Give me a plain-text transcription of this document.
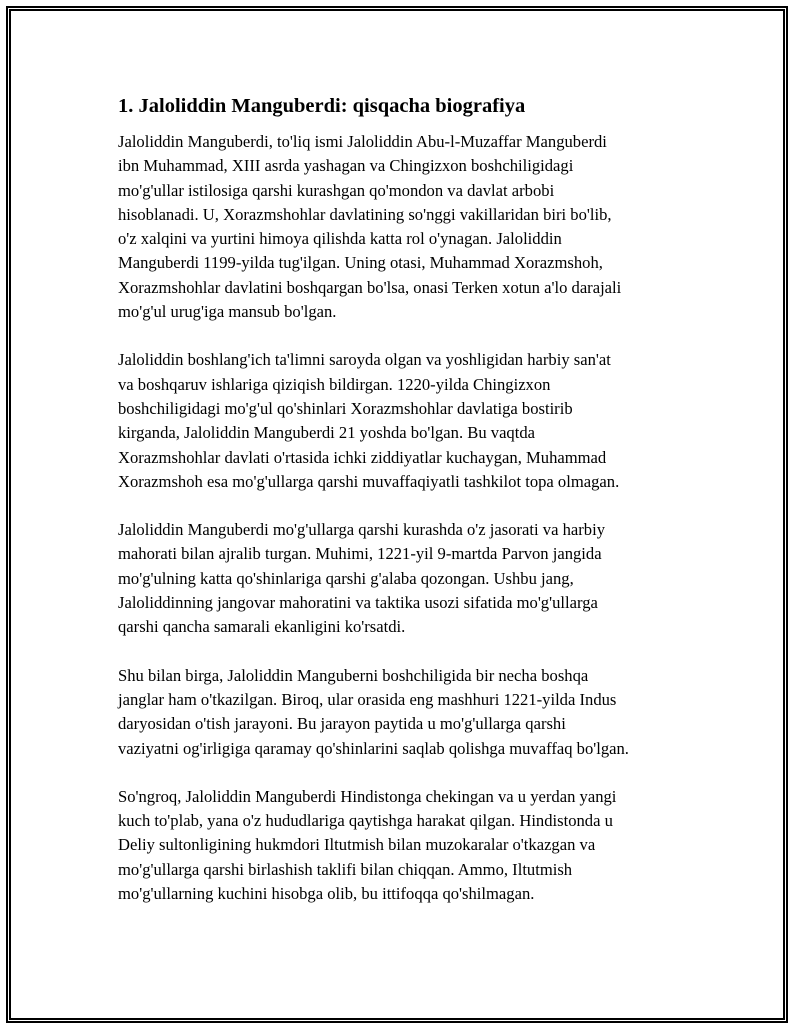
1. Jaloliddin Manguberdi: qisqacha biografiya
Jaloliddin Manguberdi, to'liq ismi Jaloliddin Abu-l-Muzaffar Manguberdi
ibn Muhammad, XIII asrda yashagan va Chingizxon boshchiligidagi
mo'g'ullar istilosiga qarshi kurashgan qo'mondon va davlat arbobi
hisoblanadi. U, Xorazmshohlar davlatining so'nggi vakillaridan biri bo'lib,
o'z xalqini va yurtini himoya qilishda katta rol o'ynagan. Jaloliddin
Manguberdi 1199-yilda tug'ilgan. Uning otasi, Muhammad Xorazmshoh,
Xorazmshohlar davlatini boshqargan bo'lsa, onasi Terken xotun a'lo darajali
mo'g'ul urug'iga mansub bo'lgan.
Jaloliddin boshlang'ich ta'limni saroyda olgan va yoshligidan harbiy san'at
va boshqaruv ishlariga qiziqish bildirgan. 1220-yilda Chingizxon
boshchiligidagi mo'g'ul qo'shinlari Xorazmshohlar davlatiga bostirib
kirganda, Jaloliddin Manguberdi 21 yoshda bo'lgan. Bu vaqtda
Xorazmshohlar davlati o'rtasida ichki ziddiyatlar kuchaygan, Muhammad
Xorazmshoh esa mo'g'ullarga qarshi muvaffaqiyatli tashkilot topa olmagan.
Jaloliddin Manguberdi mo'g'ullarga qarshi kurashda o'z jasorati va harbiy
mahorati bilan ajralib turgan. Muhimi, 1221-yil 9-martda Parvon jangida
mo'g'ulning katta qo'shinlariga qarshi g'alaba qozongan. Ushbu jang,
Jaloliddinning jangovar mahoratini va taktika usozi sifatida mo'g'ullarga
qarshi qancha samarali ekanligini ko'rsatdi.
Shu bilan birga, Jaloliddin Manguberni boshchiligida bir necha boshqa
janglar ham o'tkazilgan. Biroq, ular orasida eng mashhuri 1221-yilda Indus
daryosidan o'tish jarayoni. Bu jarayon paytida u mo'g'ullarga qarshi
vaziyatni og'irligiga qaramay qo'shinlarini saqlab qolishga muvaffaq bo'lgan.
So'ngroq, Jaloliddin Manguberdi Hindistonga chekingan va u yerdan yangi
kuch to'plab, yana o'z hududlariga qaytishga harakat qilgan. Hindistonda u
Deliy sultonligining hukmdori Iltutmish bilan muzokaralar o'tkazgan va
mo'g'ullarga qarshi birlashish taklifi bilan chiqqan. Ammo, Iltutmish
mo'g'ullarning kuchini hisobga olib, bu ittifoqqa qo'shilmagan.
